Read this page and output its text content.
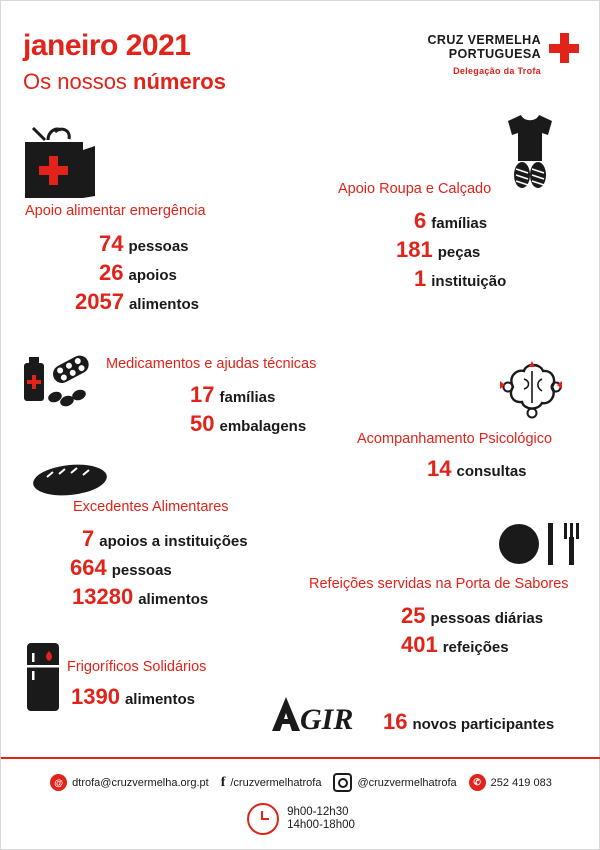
janeiro 2021
Os nossos números
CRUZ VERMELHA
PORTUGUESA
Delegação da Trofa
GIR
Apoio alimentar emergência
74 pessoas
26 apoios
2057 alimentos
Apoio Roupa e Calçado
6 famílias
181 peças
1 instituição
Medicamentos e ajudas técnicas
17 famílias
50 embalagens
Acompanhamento Psicológico
14 consultas
Excedentes Alimentares
7 apoios a instituições
664 pessoas
13280 alimentos
Refeições servidas na Porta de Sabores
25 pessoas diárias
401 refeições
Frigoríficos Solidários
1390 alimentos
16 novos participantes
@ dtrofa@cruzvermelha.org.pt f /cruzvermelhatrofa	@cruzvermelhatrofa	✆ 252 419 083
9h00-12h30
14h00-18h00
